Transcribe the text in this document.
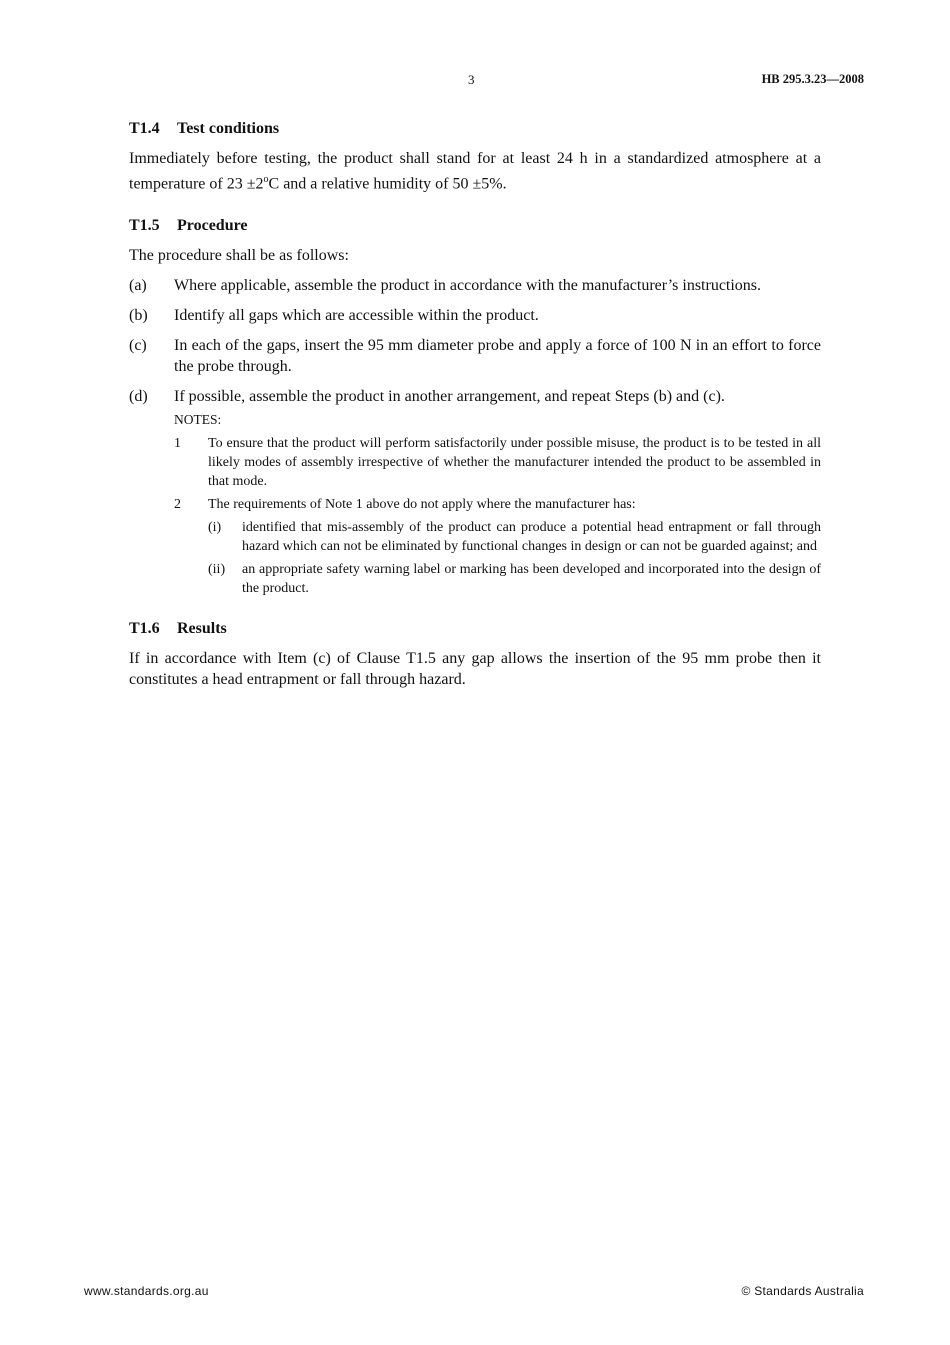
3	HB 295.3.23—2008
T1.4 Test conditions

Immediately before testing, the product shall stand for at least 24 h in a standardized atmosphere at a temperature of $23 \pm 2^oC$ and a relative humidity of 50 ±5%.

T1.5 Procedure

The procedure shall be as follows:

(a)	Where applicable, assemble the product in accordance with the manufacturer’s instructions.
(b)	Identify all gaps which are accessible within the product.
(c)	In each of the gaps, insert the 95 mm diameter probe and apply a force of 100 N in an effort to force the probe through.
(d)	If possible, assemble the product in another arrangement, and repeat Steps (b) and (c).
NOTES:
1	To ensure that the product will perform satisfactorily under possible misuse, the product is to be tested in all likely modes of assembly irrespective of whether the manufacturer intended the product to be assembled in that mode.
2	The requirements of Note 1 above do not apply where the manufacturer has:
(i)	identified that mis-assembly of the product can produce a potential head entrapment or fall through hazard which can not be eliminated by functional changes in design or can not be guarded against; and
(ii)	an appropriate safety warning label or marking has been developed and incorporated into the design of the product.
T1.6 Results

If in accordance with Item (c) of Clause T1.5 any gap allows the insertion of the 95 mm probe then it constitutes a head entrapment or fall through hazard.

www.standards.org.au	© Standards Australia
